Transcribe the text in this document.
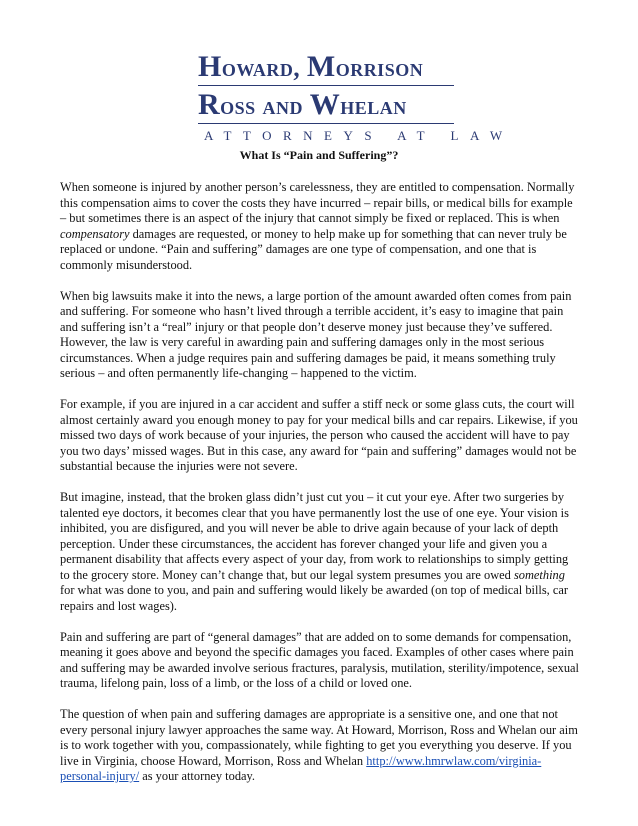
Howard, Morrison
Ross and Whelan
ATTORNEYS AT LAW
What Is “Pain and Suffering”?

When someone is injured by another person’s carelessness, they are entitled to compensation. Normally this compensation aims to cover the costs they have incurred – repair bills, or medical bills for example – but sometimes there is an aspect of the injury that cannot simply be fixed or replaced. This is when compensatory damages are requested, or money to help make up for something that can never truly be replaced or undone. “Pain and suffering” damages are one type of compensation, and one that is commonly misunderstood.

When big lawsuits make it into the news, a large portion of the amount awarded often comes from pain and suffering. For someone who hasn’t lived through a terrible accident, it’s easy to imagine that pain and suffering isn’t a “real” injury or that people don’t deserve money just because they’ve suffered. However, the law is very careful in awarding pain and suffering damages only in the most serious circumstances. When a judge requires pain and suffering damages be paid, it means something truly serious – and often permanently life-changing – happened to the victim.

For example, if you are injured in a car accident and suffer a stiff neck or some glass cuts, the court will almost certainly award you enough money to pay for your medical bills and car repairs. Likewise, if you missed two days of work because of your injuries, the person who caused the accident will have to pay you two days’ missed wages. But in this case, any award for “pain and suffering” damages would not be substantial because the injuries were not severe.

But imagine, instead, that the broken glass didn’t just cut you – it cut your eye. After two surgeries by talented eye doctors, it becomes clear that you have permanently lost the use of one eye. Your vision is inhibited, you are disfigured, and you will never be able to drive again because of your lack of depth perception. Under these circumstances, the accident has forever changed your life and given you a permanent disability that affects every aspect of your day, from work to relationships to simply getting to the grocery store. Money can’t change that, but our legal system presumes you are owed something for what was done to you, and pain and suffering would likely be awarded (on top of medical bills, car repairs and lost wages).

Pain and suffering are part of “general damages” that are added on to some demands for compensation, meaning it goes above and beyond the specific damages you faced. Examples of other cases where pain and suffering may be awarded involve serious fractures, paralysis, mutilation, sterility/impotence, sexual trauma, lifelong pain, loss of a limb, or the loss of a child or loved one.

The question of when pain and suffering damages are appropriate is a sensitive one, and one that not every personal injury lawyer approaches the same way. At Howard, Morrison, Ross and Whelan our aim is to work together with you, compassionately, while fighting to get you everything you deserve. If you live in Virginia, choose Howard, Morrison, Ross and Whelan http://www.hmrwlaw.com/virginia-personal-injury/ as your attorney today.
